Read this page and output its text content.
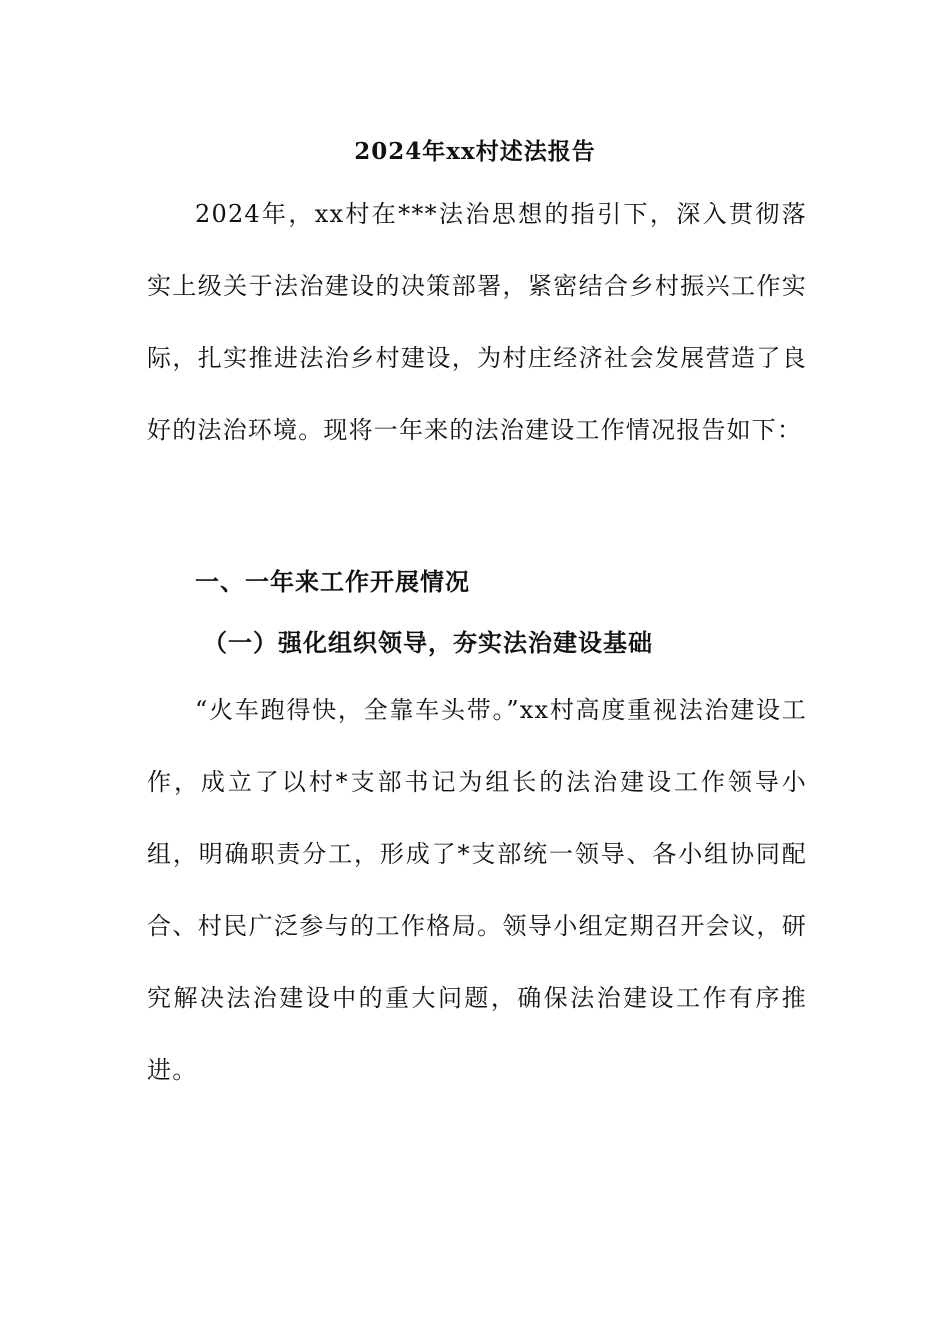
2024年xx村述法报告
2024年，xx村在***法治思想的指引下，深入贯彻落实上级关于法治建设的决策部署，紧密结合乡村振兴工作实际，扎实推进法治乡村建设，为村庄经济社会发展营造了良好的法治环境。现将一年来的法治建设工作情况报告如下：
一、一年来工作开展情况
（一）强化组织领导，夯实法治建设基础
“火车跑得快，全靠车头带。”xx村高度重视法治建设工作，成立了以村*支部书记为组长的法治建设工作领导小组，明确职责分工，形成了*支部统一领导、各小组协同配合、村民广泛参与的工作格局。领导小组定期召开会议，研究解决法治建设中的重大问题，确保法治建设工作有序推进。
